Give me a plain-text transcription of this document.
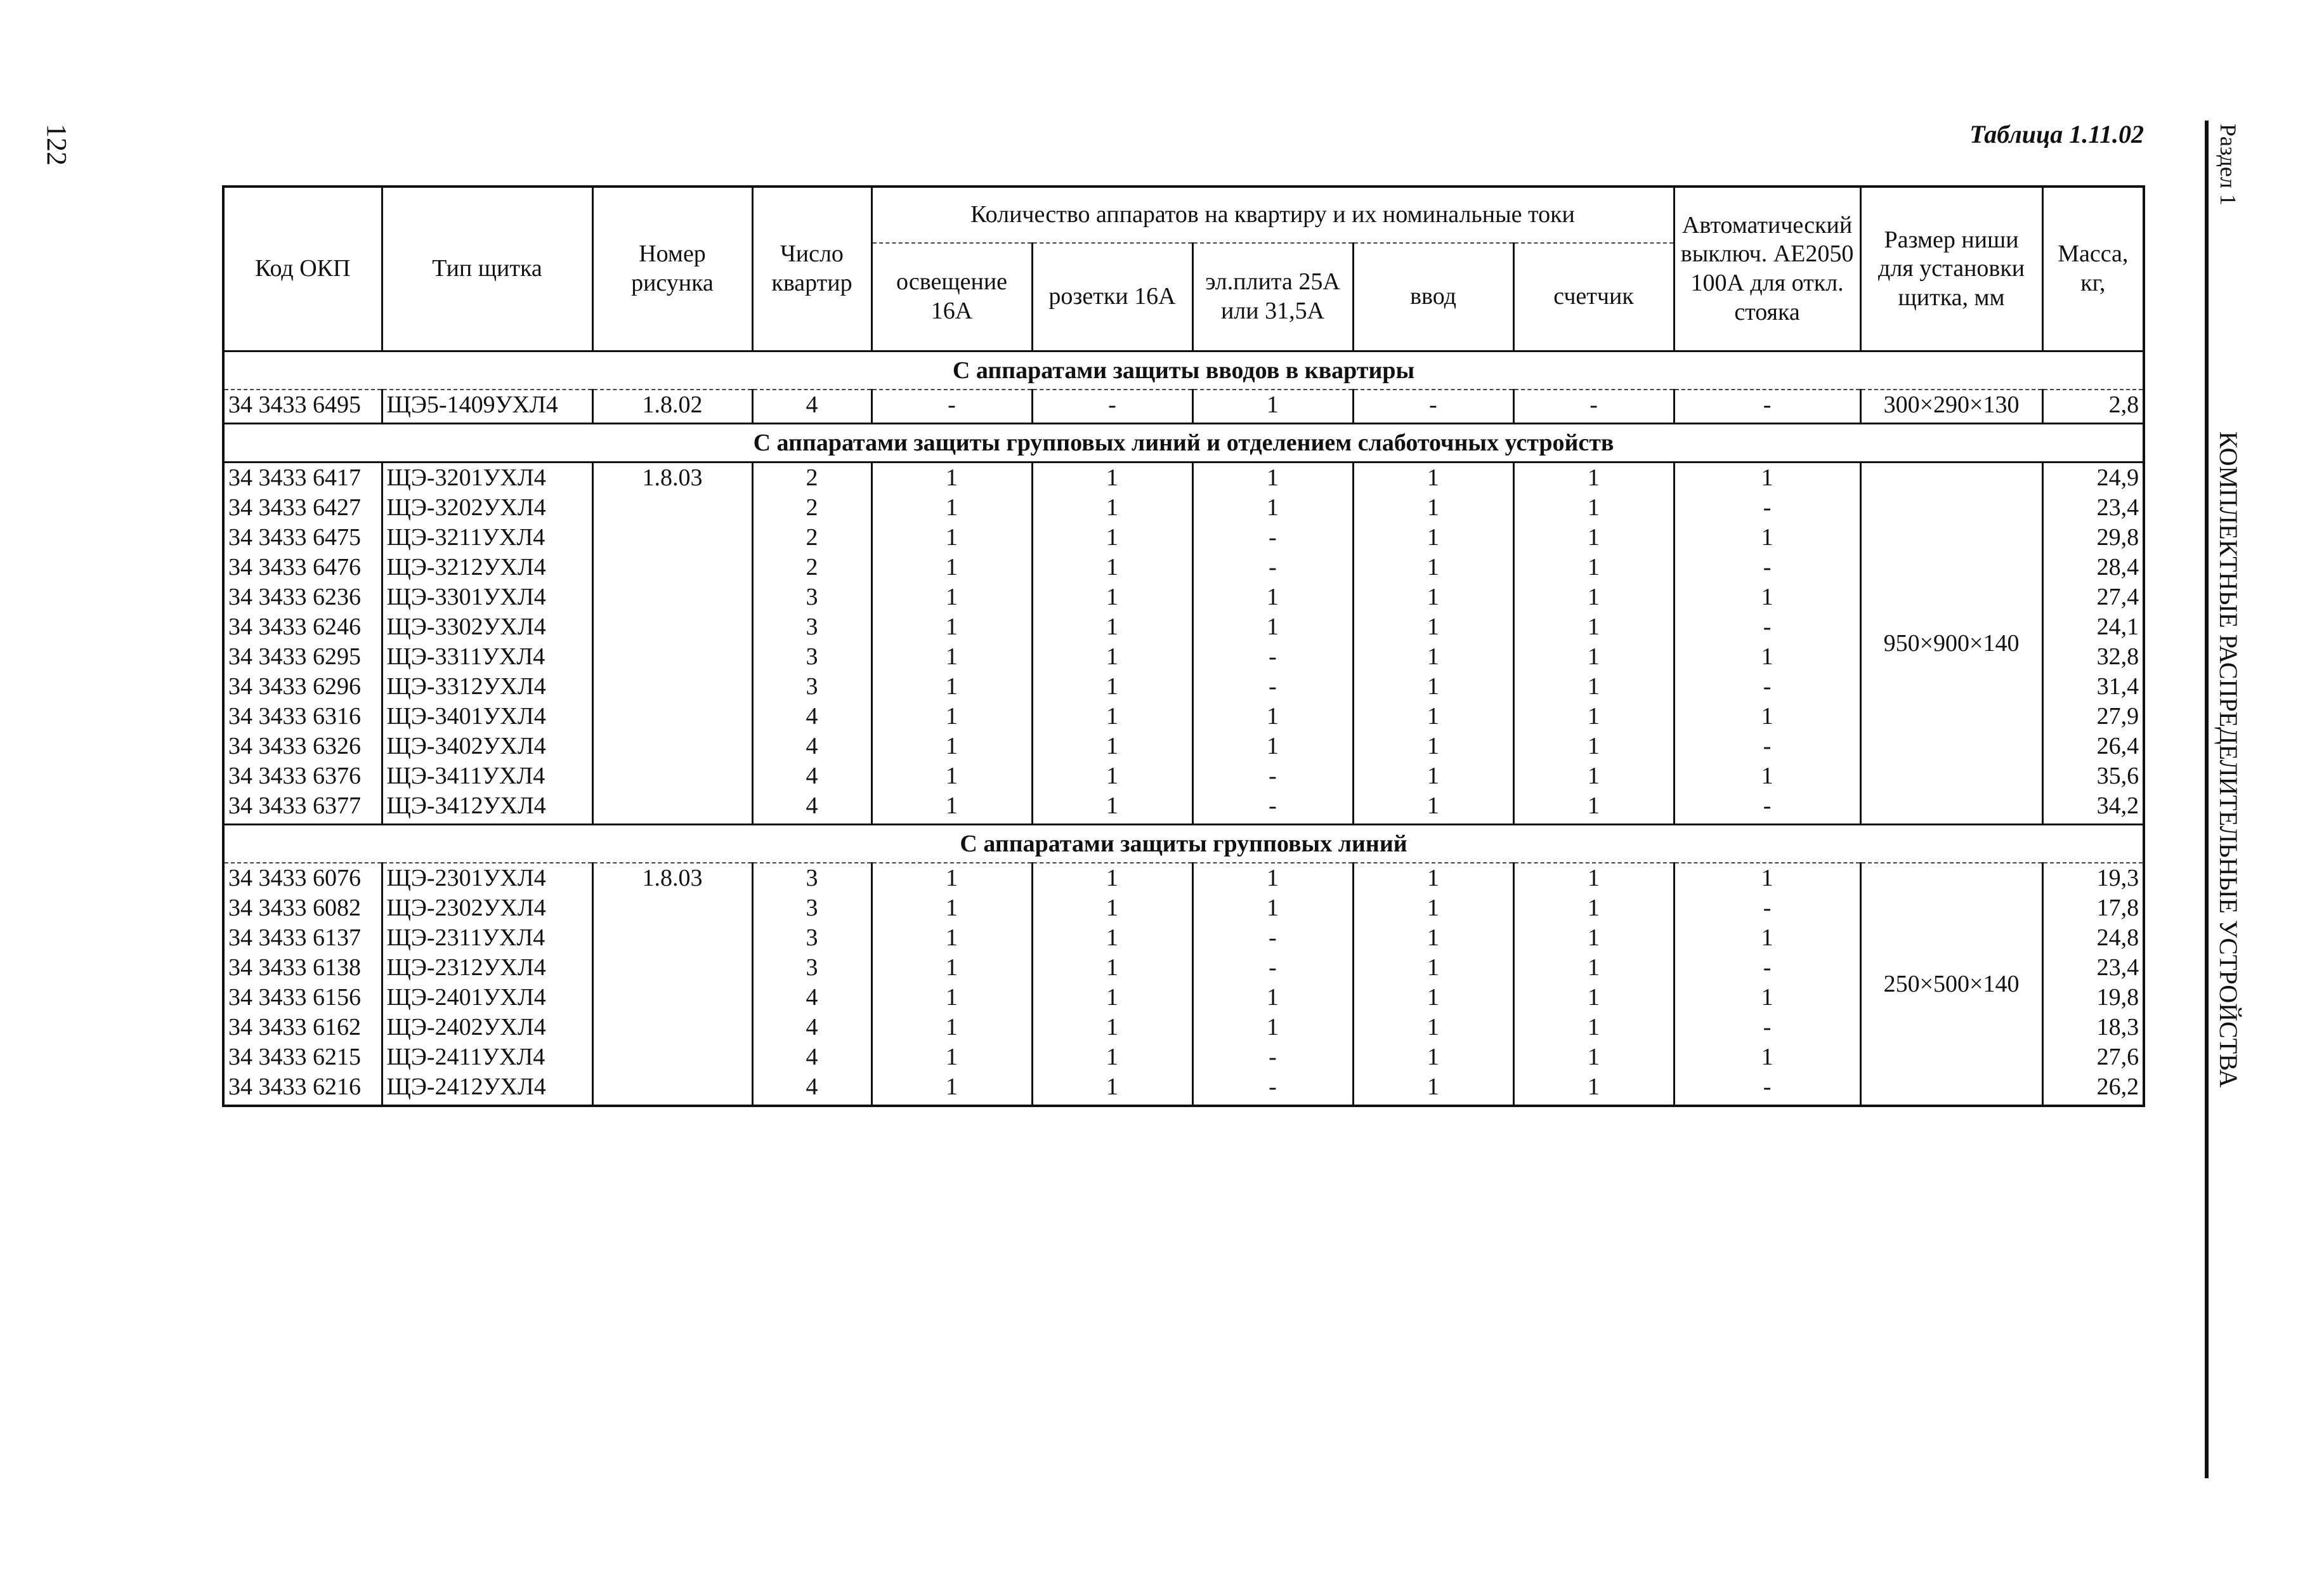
122	Таблица 1.11.02	Раздел 1
КОМПЛЕКТНЫЕ РАСПРЕДЕЛИТЕЛЬНЫЕ УСТРОЙСТВА
Код ОКП	Тип щитка	Номер рисунка	Число квартир	Количество аппаратов на квартиру и их номинальные токи					Автоматический выключ. АЕ2050 100А для откл. стояка	Размер ниши для установки щитка, мм	Масса, кг,
				освещение 16А	розетки 16А	эл.плита 25А или 31,5А	ввод	счетчик			
С аппаратами защиты вводов в квартиры											
34 3433 6495	ЩЭ5-1409УХЛ4	1.8.02	4	-	-	1	-	-	-	300×290×130	2,8
С аппаратами защиты групповых линий и отделением слаботочных устройств											
34 3433 6417	ЩЭ-3201УХЛ4	1.8.03	2	1	1	1	1	1	1	950×900×140	24,9
34 3433 6427	ЩЭ-3202УХЛ4		2	1	1	1	1	1	-		23,4
34 3433 6475	ЩЭ-3211УХЛ4		2	1	1	-	1	1	1		29,8
34 3433 6476	ЩЭ-3212УХЛ4		2	1	1	-	1	1	-		28,4
34 3433 6236	ЩЭ-3301УХЛ4		3	1	1	1	1	1	1		27,4
34 3433 6246	ЩЭ-3302УХЛ4		3	1	1	1	1	1	-		24,1
34 3433 6295	ЩЭ-3311УХЛ4		3	1	1	-	1	1	1		32,8
34 3433 6296	ЩЭ-3312УХЛ4		3	1	1	-	1	1	-		31,4
34 3433 6316	ЩЭ-3401УХЛ4		4	1	1	1	1	1	1		27,9
34 3433 6326	ЩЭ-3402УХЛ4		4	1	1	1	1	1	-		26,4
34 3433 6376	ЩЭ-3411УХЛ4		4	1	1	-	1	1	1		35,6
34 3433 6377	ЩЭ-3412УХЛ4		4	1	1	-	1	1	-		34,2
С аппаратами защиты групповых линий											
34 3433 6076	ЩЭ-2301УХЛ4	1.8.03	3	1	1	1	1	1	1	250×500×140	19,3
34 3433 6082	ЩЭ-2302УХЛ4		3	1	1	1	1	1	-		17,8
34 3433 6137	ЩЭ-2311УХЛ4		3	1	1	-	1	1	1		24,8
34 3433 6138	ЩЭ-2312УХЛ4		3	1	1	-	1	1	-		23,4
34 3433 6156	ЩЭ-2401УХЛ4		4	1	1	1	1	1	1		19,8
34 3433 6162	ЩЭ-2402УХЛ4		4	1	1	1	1	1	-		18,3
34 3433 6215	ЩЭ-2411УХЛ4		4	1	1	-	1	1	1		27,6
34 3433 6216	ЩЭ-2412УХЛ4		4	1	1	-	1	1	-		26,2
